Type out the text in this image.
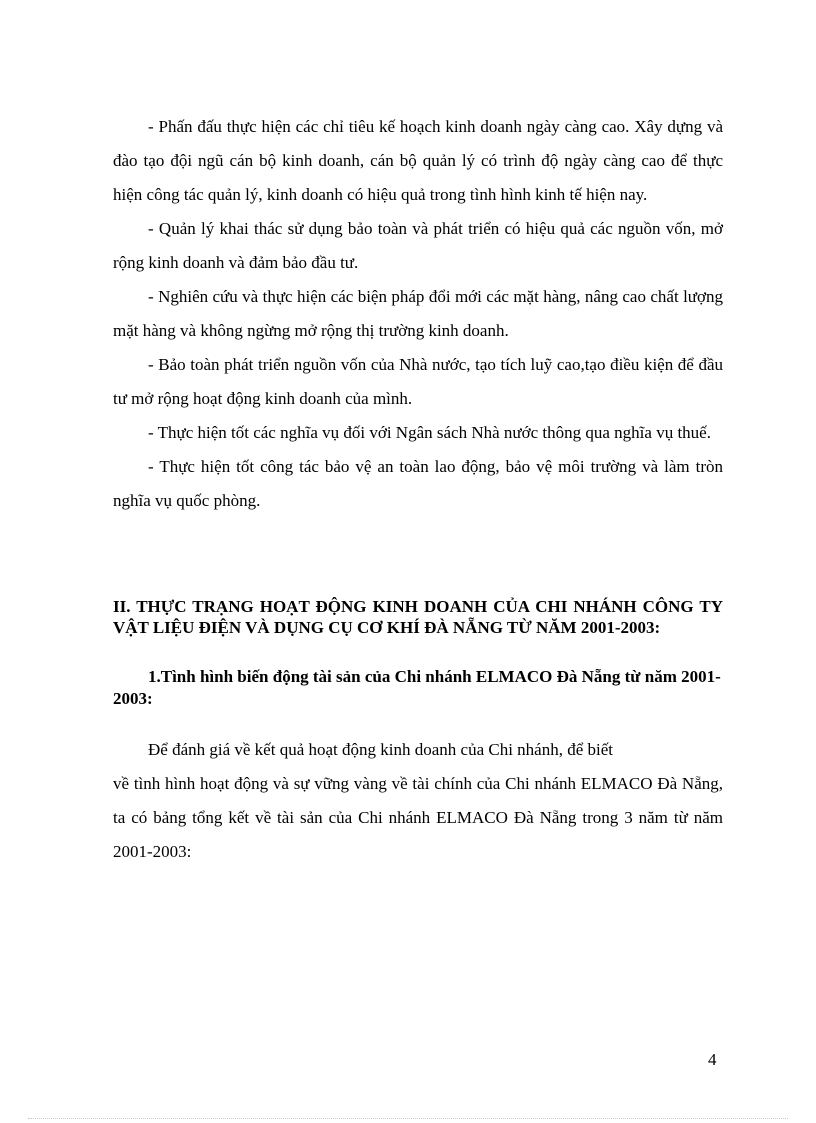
- Phấn đấu thực hiện các chỉ tiêu kế hoạch kinh doanh ngày càng cao. Xây dựng và đào tạo đội ngũ cán bộ kinh doanh, cán bộ quản lý có trình độ ngày càng cao để thực hiện công tác quản lý, kinh doanh có hiệu quả trong tình hình kinh tế hiện nay.

- Quản lý khai thác sử dụng bảo toàn và phát triển có hiệu quả các nguồn vốn, mở rộng kinh doanh và đảm bảo đầu tư.

- Nghiên cứu và thực hiện các biện pháp đổi mới các mặt hàng, nâng cao chất lượng mặt hàng và không ngừng mở rộng thị trường kinh doanh.

- Bảo toàn phát triển nguồn vốn của Nhà nước, tạo tích luỹ cao,tạo điều kiện để đầu tư mở rộng hoạt động kinh doanh của mình.

- Thực hiện tốt các nghĩa vụ đối với Ngân sách Nhà nước thông qua nghĩa vụ thuế.

- Thực hiện tốt công tác bảo vệ an toàn lao động, bảo vệ môi trường và làm tròn nghĩa vụ quốc phòng.

II. THỰC TRẠNG HOẠT ĐỘNG KINH DOANH CỦA CHI NHÁNH CÔNG TY VẬT LIỆU ĐIỆN VÀ DỤNG CỤ CƠ KHÍ ĐÀ NẴNG TỪ NĂM 2001-2003:
1.Tình hình biến động tài sản của Chi nhánh ELMACO Đà Nẵng từ năm 2001-2003:

Để đánh giá về kết quả hoạt động kinh doanh của Chi nhánh, để biết

về tình hình hoạt động và sự vững vàng về tài chính của Chi nhánh ELMACO Đà Nẵng, ta có bảng tổng kết về tài sản của Chi nhánh ELMACO Đà Nẵng trong 3 năm từ năm 2001-2003:

4
